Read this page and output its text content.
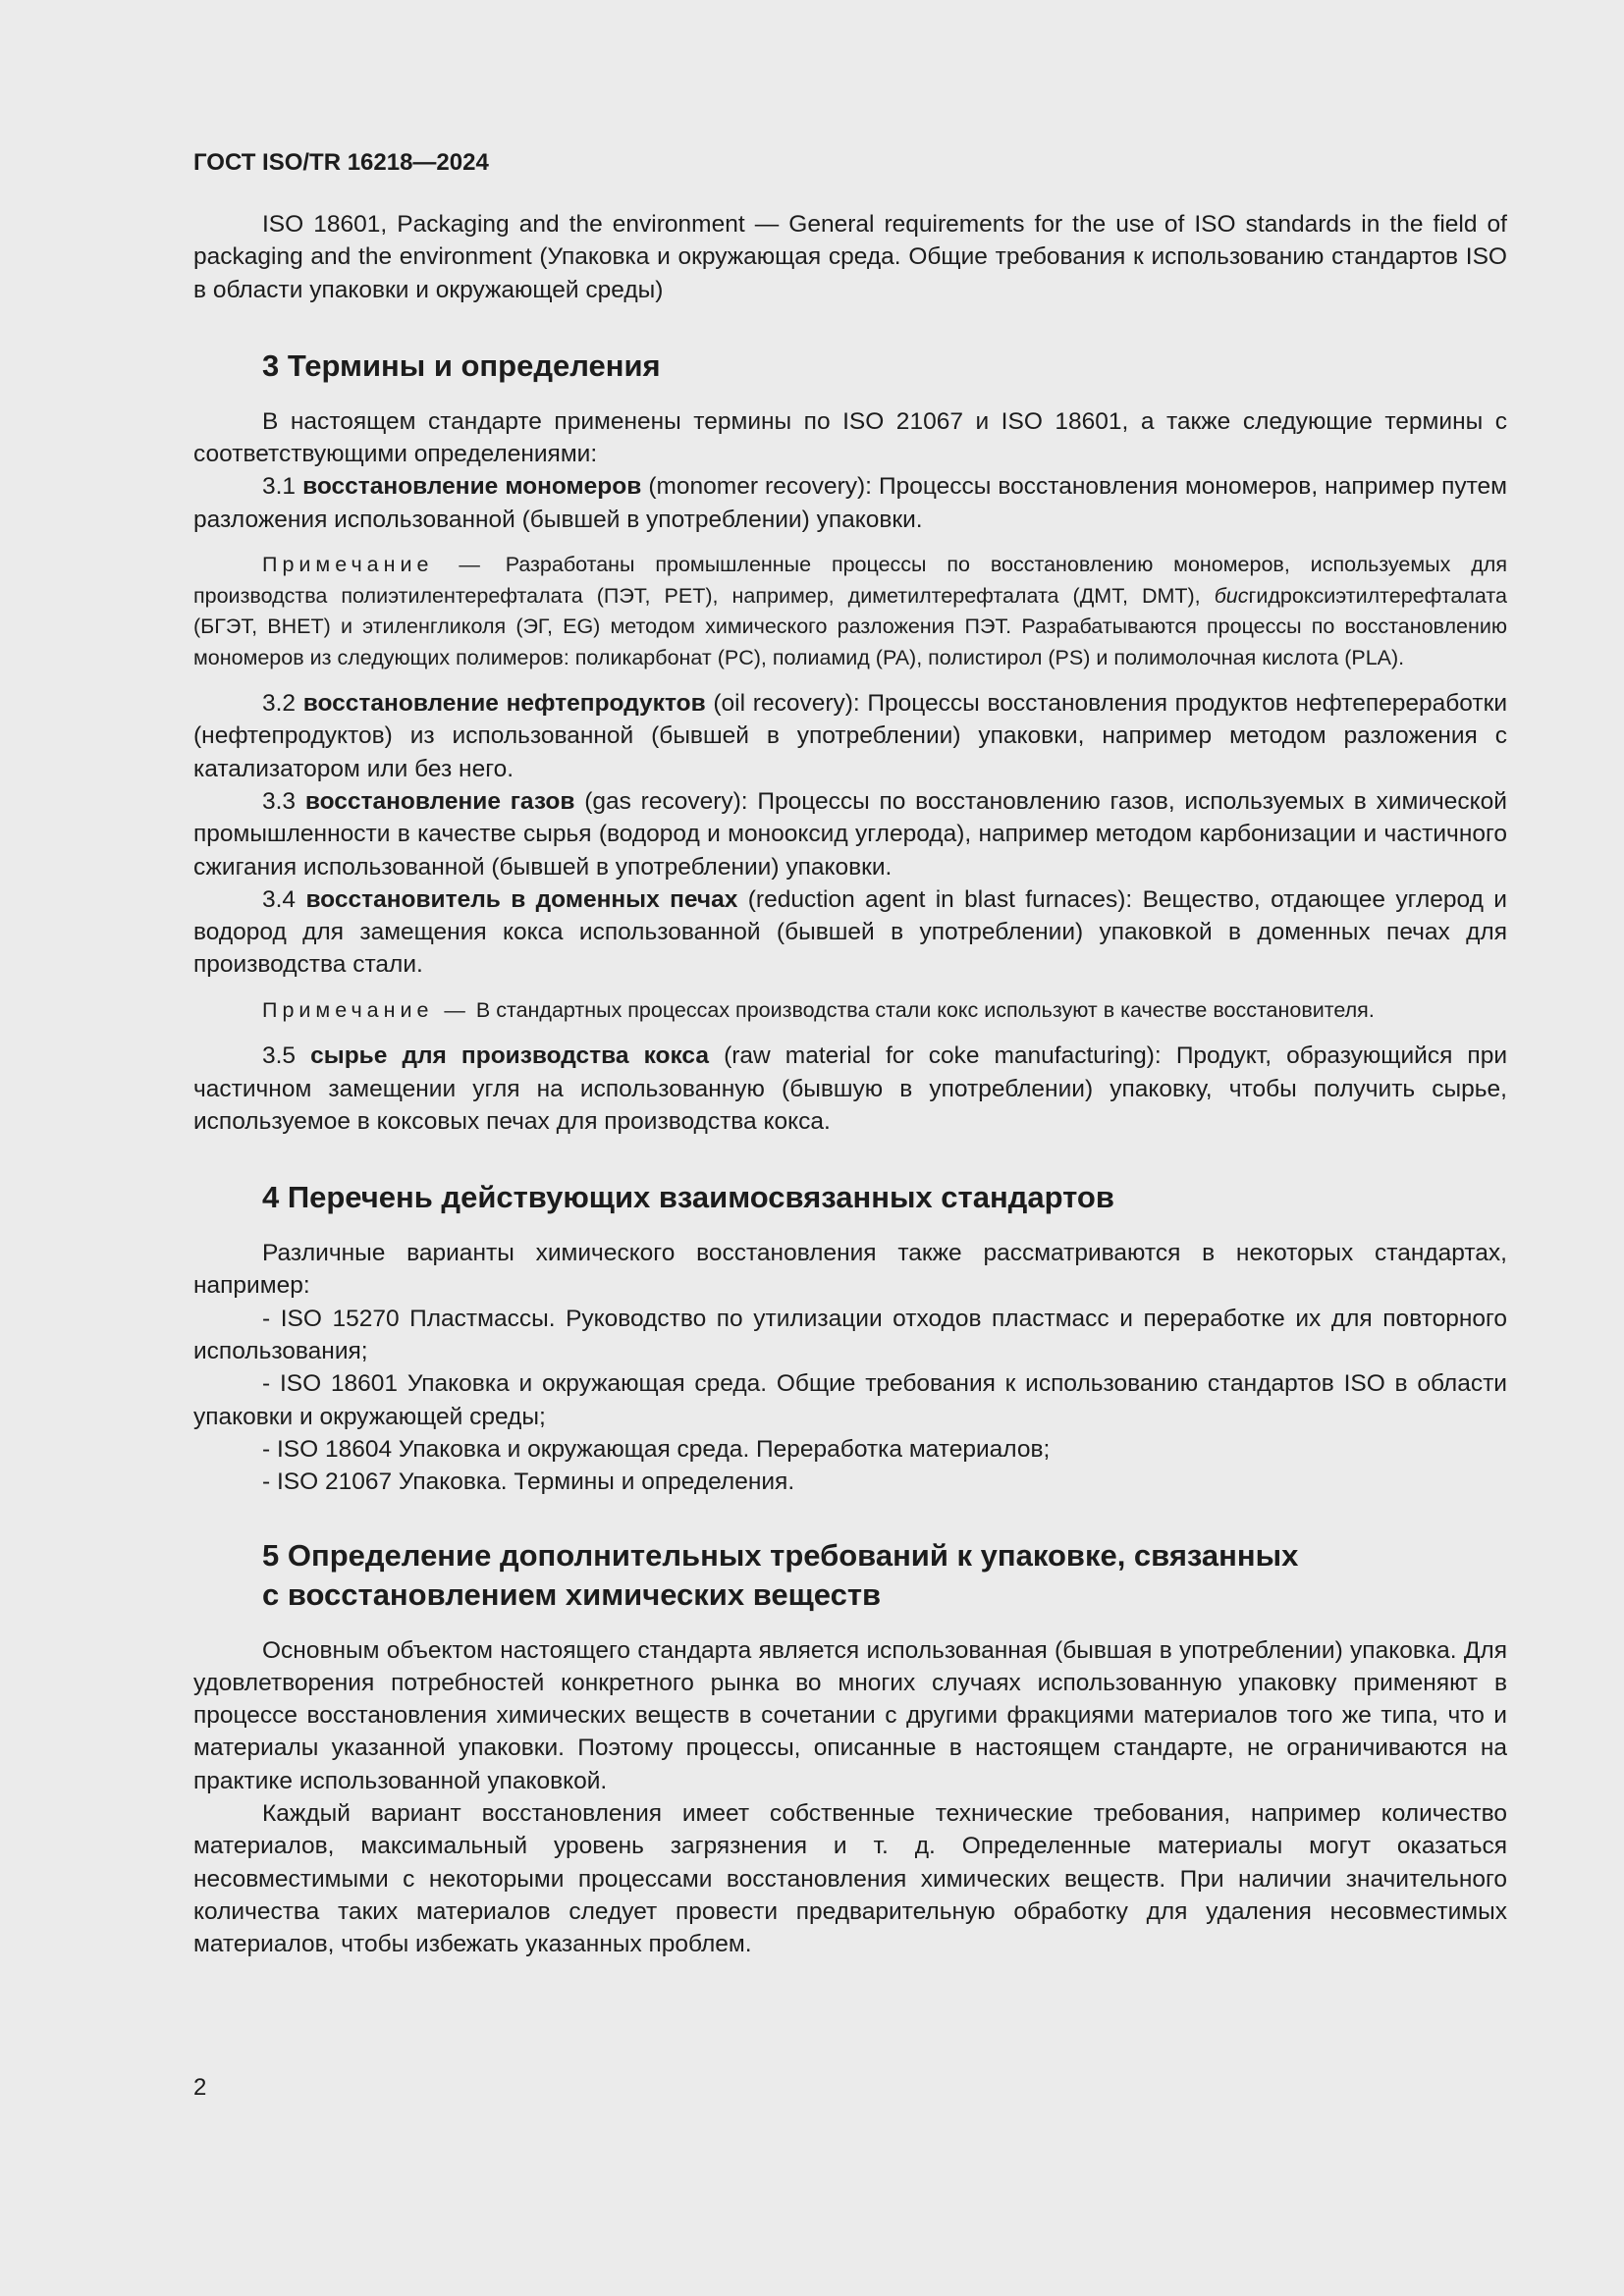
ГОСТ ISO/TR 16218—2024

ISO 18601, Packaging and the environment — General requirements for the use of ISO standards in the field of packaging and the environment (Упаковка и окружающая среда. Общие требования к использованию стандартов ISO в области упаковки и окружающей среды)

3 Термины и определения

В настоящем стандарте применены термины по ISO 21067 и ISO 18601, а также следующие термины с соответствующими определениями:

3.1 восстановление мономеров (monomer recovery): Процессы восстановления мономеров, например путем разложения использованной (бывшей в употреблении) упаковки.

Примечание — Разработаны промышленные процессы по восстановлению мономеров, используемых для производства полиэтилентерефталата (ПЭТ, PET), например, диметилтерефталата (ДМТ, DMT), бисгидроксиэтилтерефталата (БГЭТ, BHET) и этиленгликоля (ЭГ, EG) методом химического разложения ПЭТ. Разрабатываются процессы по восстановлению мономеров из следующих полимеров: поликарбонат (PC), полиамид (PA), полистирол (PS) и полимолочная кислота (PLA).

3.2 восстановление нефтепродуктов (oil recovery): Процессы восстановления продуктов нефтепереработки (нефтепродуктов) из использованной (бывшей в употреблении) упаковки, например методом разложения с катализатором или без него.

3.3 восстановление газов (gas recovery): Процессы по восстановлению газов, используемых в химической промышленности в качестве сырья (водород и монооксид углерода), например методом карбонизации и частичного сжигания использованной (бывшей в употреблении) упаковки.

3.4 восстановитель в доменных печах (reduction agent in blast furnaces): Вещество, отдающее углерод и водород для замещения кокса использованной (бывшей в употреблении) упаковкой в доменных печах для производства стали.

Примечание — В стандартных процессах производства стали кокс используют в качестве восстановителя.

3.5 сырье для производства кокса (raw material for coke manufacturing): Продукт, образующийся при частичном замещении угля на использованную (бывшую в употреблении) упаковку, чтобы получить сырье, используемое в коксовых печах для производства кокса.

4 Перечень действующих взаимосвязанных стандартов

Различные варианты химического восстановления также рассматриваются в некоторых стандартах, например:

- ISO 15270 Пластмассы. Руководство по утилизации отходов пластмасс и переработке их для повторного использования;

- ISO 18601 Упаковка и окружающая среда. Общие требования к использованию стандартов ISO в области упаковки и окружающей среды;

- ISO 18604 Упаковка и окружающая среда. Переработка материалов;

- ISO 21067 Упаковка. Термины и определения.

5 Определение дополнительных требований к упаковке, связанных
с восстановлением химических веществ

Основным объектом настоящего стандарта является использованная (бывшая в употреблении) упаковка. Для удовлетворения потребностей конкретного рынка во многих случаях использованную упаковку применяют в процессе восстановления химических веществ в сочетании с другими фракциями материалов того же типа, что и материалы указанной упаковки. Поэтому процессы, описанные в настоящем стандарте, не ограничиваются на практике использованной упаковкой.

Каждый вариант восстановления имеет собственные технические требования, например количество материалов, максимальный уровень загрязнения и т. д. Определенные материалы могут оказаться несовместимыми с некоторыми процессами восстановления химических веществ. При наличии значительного количества таких материалов следует провести предварительную обработку для удаления несовместимых материалов, чтобы избежать указанных проблем.

2
